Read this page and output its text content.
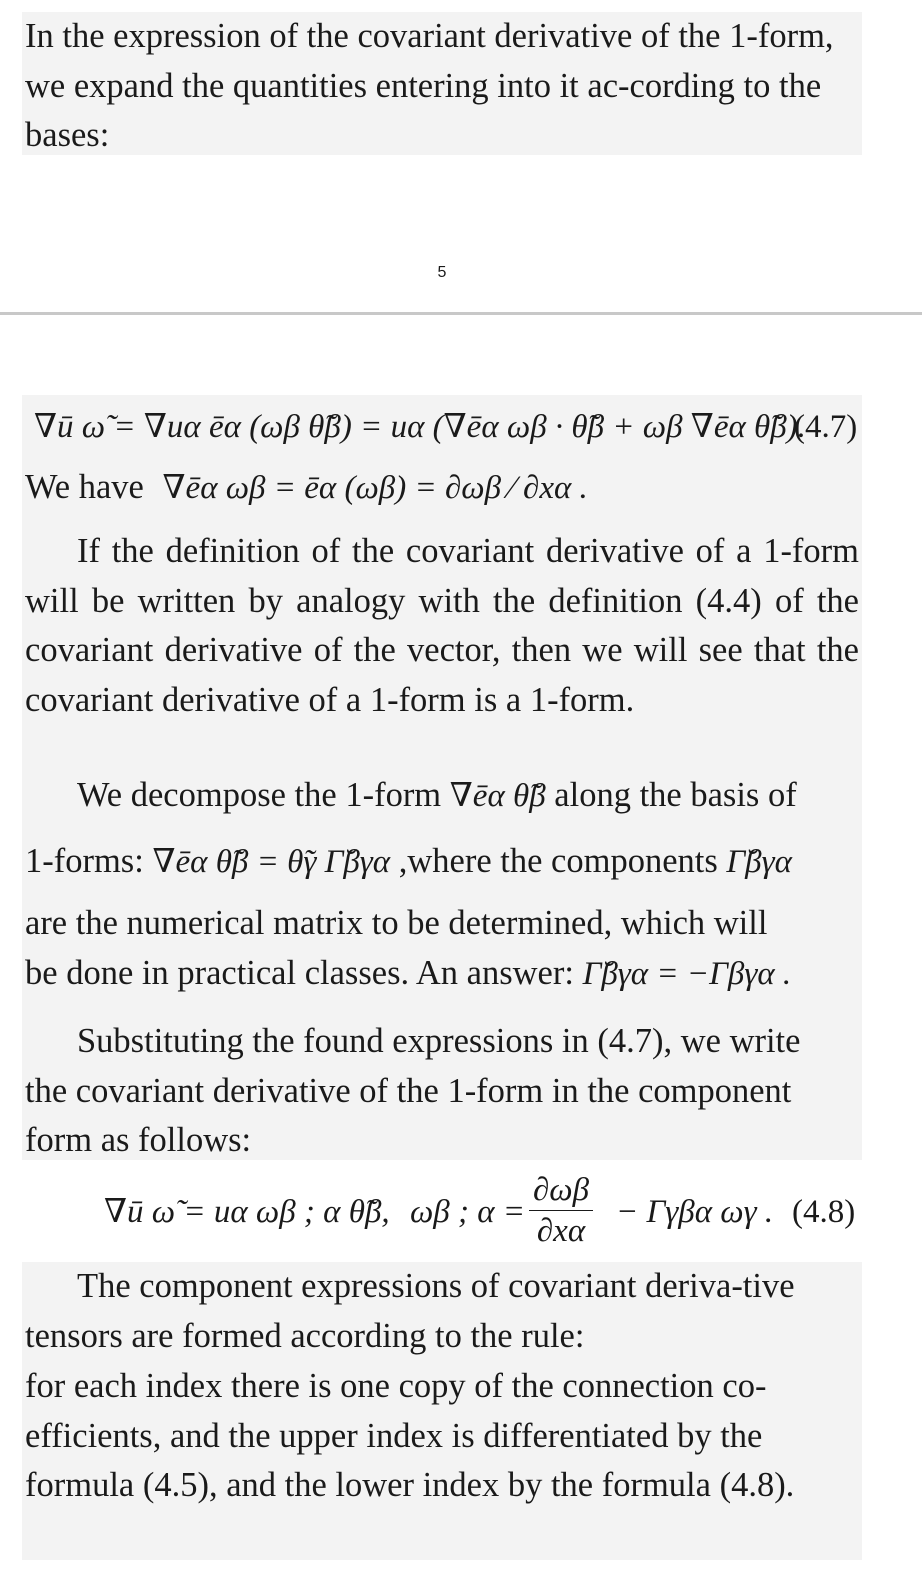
In the expression of the covariant derivative of the 1-form, we expand the quantities entering into it ac-cording to the bases:

5
∇ū ω̃ = ∇uα ēα (ωβ θ̃β) = uα (∇ēα ωβ · θ̃β + ωβ ∇ēα θ̃β).
(4.7)
We have ∇ēα ωβ = ēα (ωβ) = ∂ωβ ⁄ ∂xα .

If the definition of the covariant derivative of a 1-form will be written by analogy with the definition (4.4) of the covariant derivative of the vector, then we will see that the covariant derivative of a 1-form is a 1-form.

We decompose the 1-form ∇ēα θ̃β along the basis of
1-forms: ∇ēα θ̃β = θ̃γ Γ̆βγα ,where the components Γ̆βγα
are the numerical matrix to be determined, which will
be done in practical classes. An answer: Γ̆βγα = −Γβγα .

Substituting the found expressions in (4.7), we write the covariant derivative of the 1-form in the component form as follows:

∇ū ω̃ = uα ωβ ; α θ̃β, ωβ ; $\alpha = \frac{\partial\omega\beta}{\partial x\alpha} - \Gamma\gamma\beta\alpha$ ωγ . (4.8)

The component expressions of covariant deriva-tive tensors are formed according to the rule:

for each index there is one copy of the connection co-efficients, and the upper index is differentiated by the formula (4.5), and the lower index by the formula (4.8).
